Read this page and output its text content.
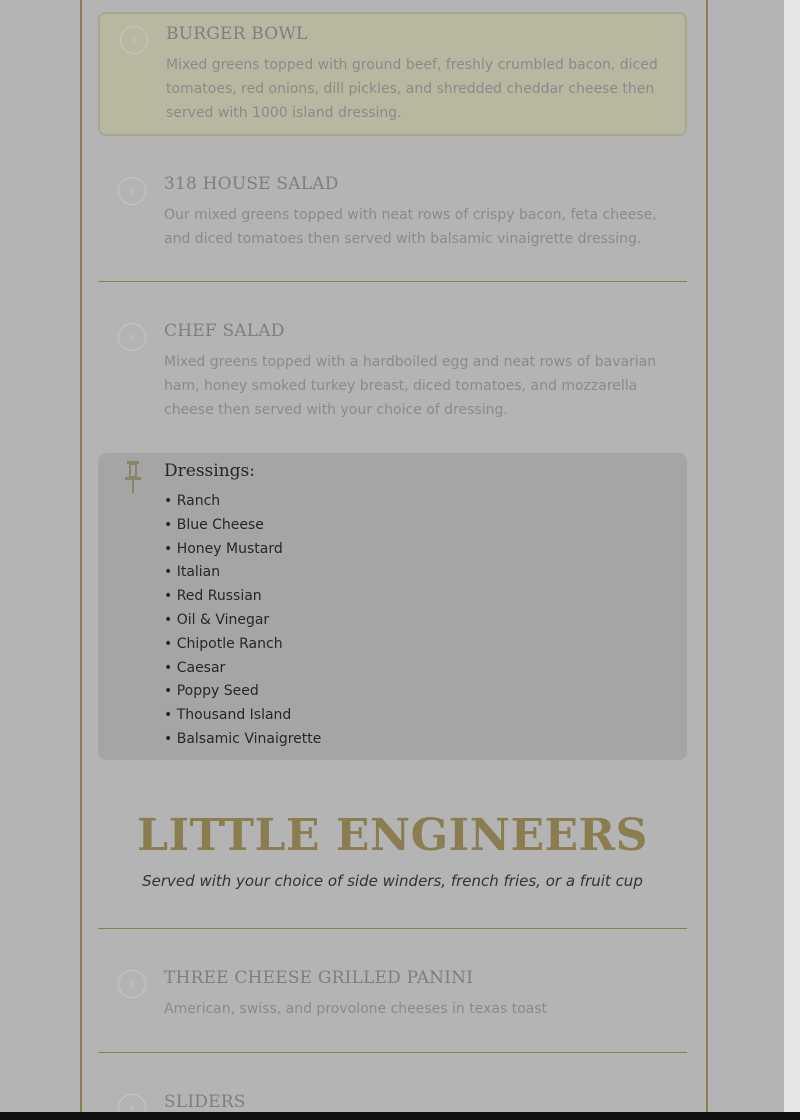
›	BURGER BOWL

Mixed greens topped with ground beef, freshly crumbled bacon, diced tomatoes, red onions, dill pickles, and shredded cheddar cheese then served with 1000 island dressing.

›	318 HOUSE SALAD

Our mixed greens topped with neat rows of crispy bacon, feta cheese, and diced tomatoes then served with balsamic vinaigrette dressing.

›	CHEF SALAD

Mixed greens topped with a hardboiled egg and neat rows of bavarian ham, honey smoked turkey breast, diced tomatoes, and mozzarella cheese then served with your choice of dressing.

Dressings:
• Ranch
• Blue Cheese
• Honey Mustard
• Italian
• Red Russian
• Oil & Vinegar
• Chipotle Ranch
• Caesar
• Poppy Seed
• Thousand Island
• Balsamic Vinaigrette
LITTLE ENGINEERS

Served with your choice of side winders, french fries, or a fruit cup

›	THREE CHEESE GRILLED PANINI

American, swiss, and provolone cheeses in texas toast

›	SLIDERS
